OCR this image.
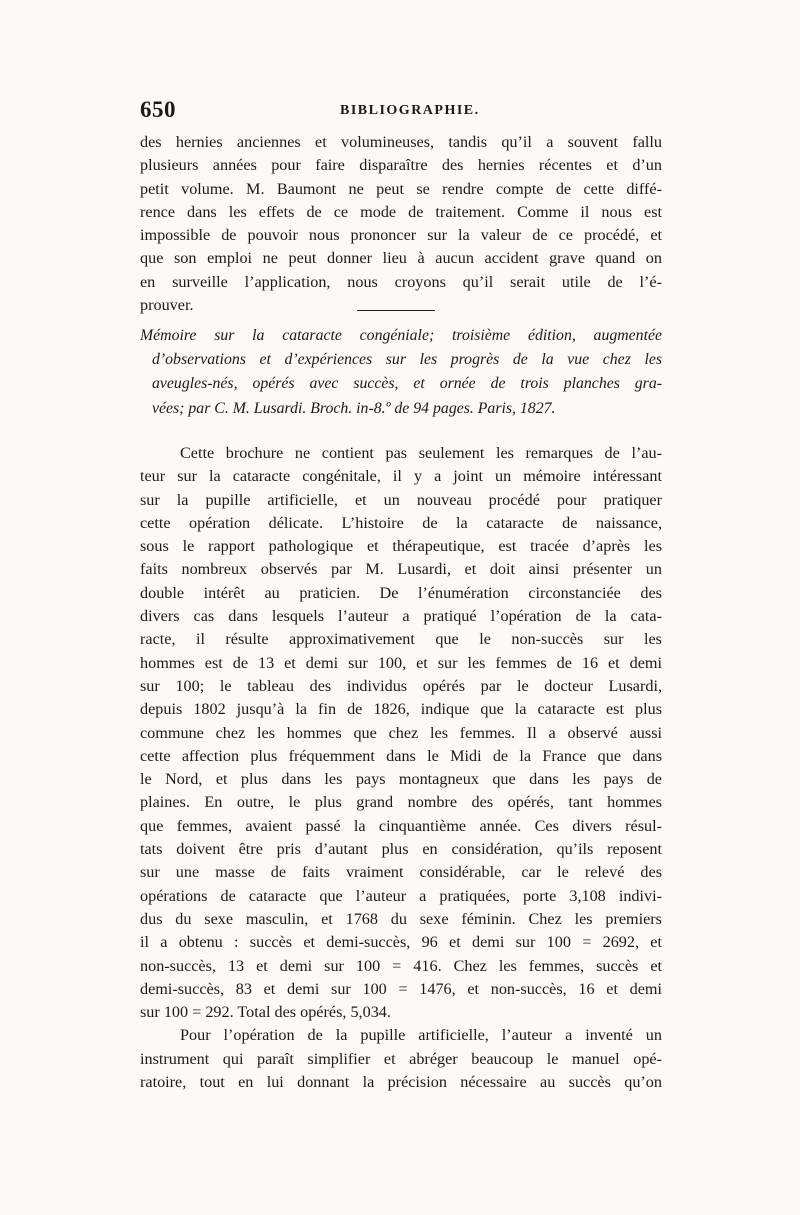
650	BIBLIOGRAPHIE.
des hernies anciennes et volumineuses, tandis qu’il a souvent fallu
plusieurs années pour faire disparaître des hernies récentes et d’un
petit volume. M. Baumont ne peut se rendre compte de cette diffé-
rence dans les effets de ce mode de traitement. Comme il nous est
impossible de pouvoir nous prononcer sur la valeur de ce procédé, et
que son emploi ne peut donner lieu à aucun accident grave quand on
en surveille l’application, nous croyons qu’il serait utile de l’é-
prouver.
Mémoire sur la cataracte congéniale; troisième édition, augmentée
d’observations et d’expériences sur les progrès de la vue chez les
aveugles-nés, opérés avec succès, et ornée de trois planches gra-
vées; par C. M. Lusardi. Broch. in-8.º de 94 pages. Paris, 1827.
Cette brochure ne contient pas seulement les remarques de l’au-
teur sur la cataracte congénitale, il y a joint un mémoire intéressant
sur la pupille artificielle, et un nouveau procédé pour pratiquer
cette opération délicate. L’histoire de la cataracte de naissance,
sous le rapport pathologique et thérapeutique, est tracée d’après les
faits nombreux observés par M. Lusardi, et doit ainsi présenter un
double intérêt au praticien. De l’énumération circonstanciée des
divers cas dans lesquels l’auteur a pratiqué l’opération de la cata-
racte, il résulte approximativement que le non-succès sur les
hommes est de 13 et demi sur 100, et sur les femmes de 16 et demi
sur 100; le tableau des individus opérés par le docteur Lusardi,
depuis 1802 jusqu’à la fin de 1826, indique que la cataracte est plus
commune chez les hommes que chez les femmes. Il a observé aussi
cette affection plus fréquemment dans le Midi de la France que dans
le Nord, et plus dans les pays montagneux que dans les pays de
plaines. En outre, le plus grand nombre des opérés, tant hommes
que femmes, avaient passé la cinquantième année. Ces divers résul-
tats doivent être pris d’autant plus en considération, qu’ils reposent
sur une masse de faits vraiment considérable, car le relevé des
opérations de cataracte que l’auteur a pratiquées, porte 3,108 indivi-
dus du sexe masculin, et 1768 du sexe féminin. Chez les premiers
il a obtenu : succès et demi-succès, 96 et demi sur 100 = 2692, et
non-succès, 13 et demi sur 100 = 416. Chez les femmes, succès et
demi-succès, 83 et demi sur 100 = 1476, et non-succès, 16 et demi
sur 100 = 292. Total des opérés, 5,034.
Pour l’opération de la pupille artificielle, l’auteur a inventé un
instrument qui paraît simplifier et abréger beaucoup le manuel opé-
ratoire, tout en lui donnant la précision nécessaire au succès qu’on
